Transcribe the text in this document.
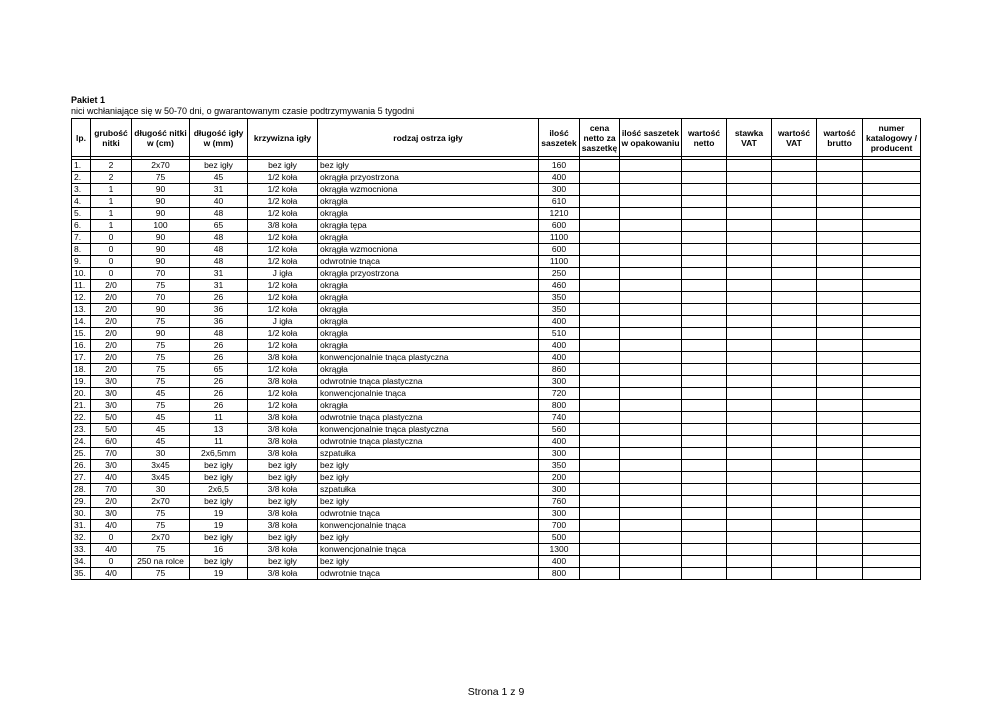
Pakiet 1
nici wchłaniające się w 50-70 dni, o gwarantowanym czasie podtrzymywania 5 tygodni
lp.	grubość nitki	długość nitki w (cm)	długość igły w (mm)	krzywizna igły	rodzaj ostrza igły	ilość saszetek	cena netto za saszetkę	ilość saszetek w opakowaniu	wartość netto	stawka VAT	wartość VAT	wartość brutto	numer katalogowy / producent

1.	2	2x70	bez igły	bez igły	bez igły	160							
2.	2	75	45	1/2 koła	okrągła przyostrzona	400							
3.	1	90	31	1/2 koła	okrągła wzmocniona	300							
4.	1	90	40	1/2 koła	okrągła	610							
5.	1	90	48	1/2 koła	okrągła	1210							
6.	1	100	65	3/8 koła	okrągła tępa	600							
7.	0	90	48	1/2 koła	okrągła	1100							
8.	0	90	48	1/2 koła	okrągła wzmocniona	600							
9.	0	90	48	1/2 koła	odwrotnie tnąca	1100							
10.	0	70	31	J igła	okrągła przyostrzona	250							
11.	2/0	75	31	1/2 koła	okrągła	460							
12.	2/0	70	26	1/2 koła	okrągła	350							
13.	2/0	90	36	1/2 koła	okrągła	350							
14.	2/0	75	36	J igła	okrągła	400							
15.	2/0	90	48	1/2 koła	okrągła	510							
16.	2/0	75	26	1/2 koła	okrągła	400							
17.	2/0	75	26	3/8 koła	konwencjonalnie tnąca plastyczna	400							
18.	2/0	75	65	1/2 koła	okrągła	860							
19.	3/0	75	26	3/8 koła	odwrotnie tnąca plastyczna	300							
20.	3/0	45	26	1/2 koła	konwencjonalnie tnąca	720							
21.	3/0	75	26	1/2 koła	okrągła	800							
22.	5/0	45	11	3/8 koła	odwrotnie tnąca plastyczna	740							
23.	5/0	45	13	3/8 koła	konwencjonalnie tnąca plastyczna	560							
24.	6/0	45	11	3/8 koła	odwrotnie tnąca plastyczna	400							
25.	7/0	30	2x6,5mm	3/8 koła	szpatułka	300							
26.	3/0	3x45	bez igły	bez igły	bez igły	350							
27.	4/0	3x45	bez igły	bez igły	bez igły	200							
28.	7/0	30	2x6,5	3/8 koła	szpatułka	300							
29.	2/0	2x70	bez igły	bez igły	bez igły	760							
30.	3/0	75	19	3/8 koła	odwrotnie tnąca	300							
31.	4/0	75	19	3/8 koła	konwencjonalnie tnąca	700							
32.	0	2x70	bez igły	bez igły	bez igły	500							
33.	4/0	75	16	3/8 koła	konwencjonalnie tnąca	1300							
34.	0	250 na rolce	bez igły	bez igły	bez igły	400							
35.	4/0	75	19	3/8 koła	odwrotnie tnąca	800							
Strona 1 z 9
